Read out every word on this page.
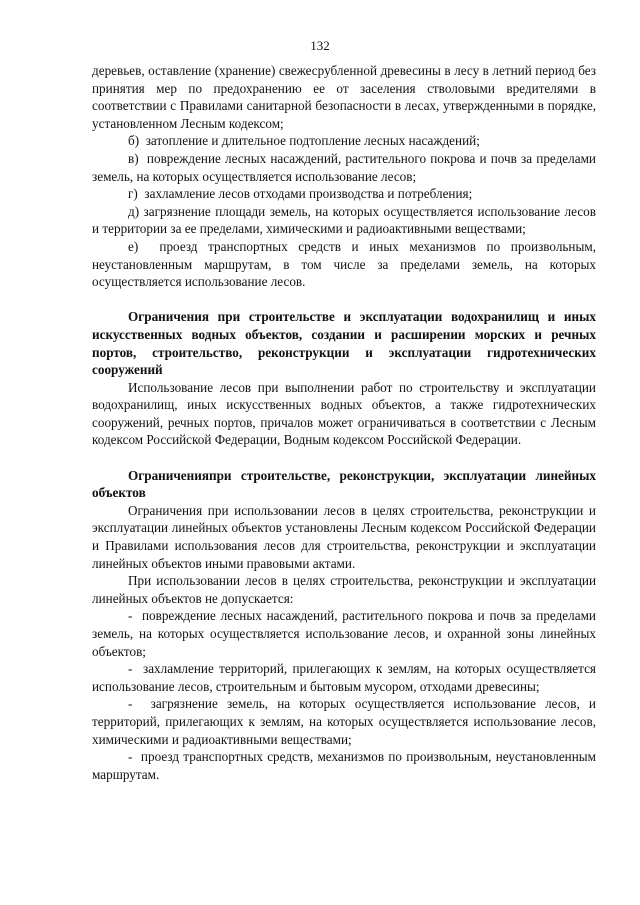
132

деревьев, оставление (хранение) свежесрубленной древесины в лесу в летний период без принятия мер по предохранению ее от заселения стволовыми вредителями в соответствии с Правилами санитарной безопасности в лесах, утвержденными в порядке, установленном Лесным кодексом;

б)  затопление и длительное подтопление лесных насаждений;

в)  повреждение лесных насаждений, растительного покрова и почв за пределами земель, на которых осуществляется использование лесов;

г)  захламление лесов отходами производства и потребления;

д) загрязнение площади земель, на которых осуществляется использование лесов и территории за ее пределами, химическими и радиоактивными веществами;

е)  проезд транспортных средств и иных механизмов по произвольным, неустановленным маршрутам, в том числе за пределами земель, на которых осуществляется использование лесов.

Ограничения при строительстве и эксплуатации водохранилищ и иных искусственных водных объектов, создании и расширении морских и речных портов, строительство, реконструкции и эксплуатации гидротехнических сооружений

Использование лесов при выполнении работ по строительству и эксплуатации водохранилищ, иных искусственных водных объектов, а также гидротехнических сооружений, речных портов, причалов может ограничиваться в соответствии с Лесным кодексом Российской Федерации, Водным кодексом Российской Федерации.

Ограниченияпри строительстве, реконструкции, эксплуатации линейных объектов

Ограничения при использовании лесов в целях строительства, реконструкции и эксплуатации линейных объектов установлены Лесным кодексом Российской Федерации и Правилами использования лесов для строительства, реконструкции и эксплуатации линейных объектов иными правовыми актами.

При использовании лесов в целях строительства, реконструкции и эксплуатации линейных объектов не допускается:

-  повреждение лесных насаждений, растительного покрова и почв за пределами земель, на которых осуществляется использование лесов, и охранной зоны линейных объектов;

-  захламление территорий, прилегающих к землям, на которых осуществляется использование лесов, строительным и бытовым мусором, отходами древесины;

-  загрязнение земель, на которых осуществляется использование лесов, и территорий, прилегающих к землям, на которых осуществляется использование лесов, химическими и радиоактивными веществами;

-  проезд транспортных средств, механизмов по произвольным, неустановленным маршрутам.
